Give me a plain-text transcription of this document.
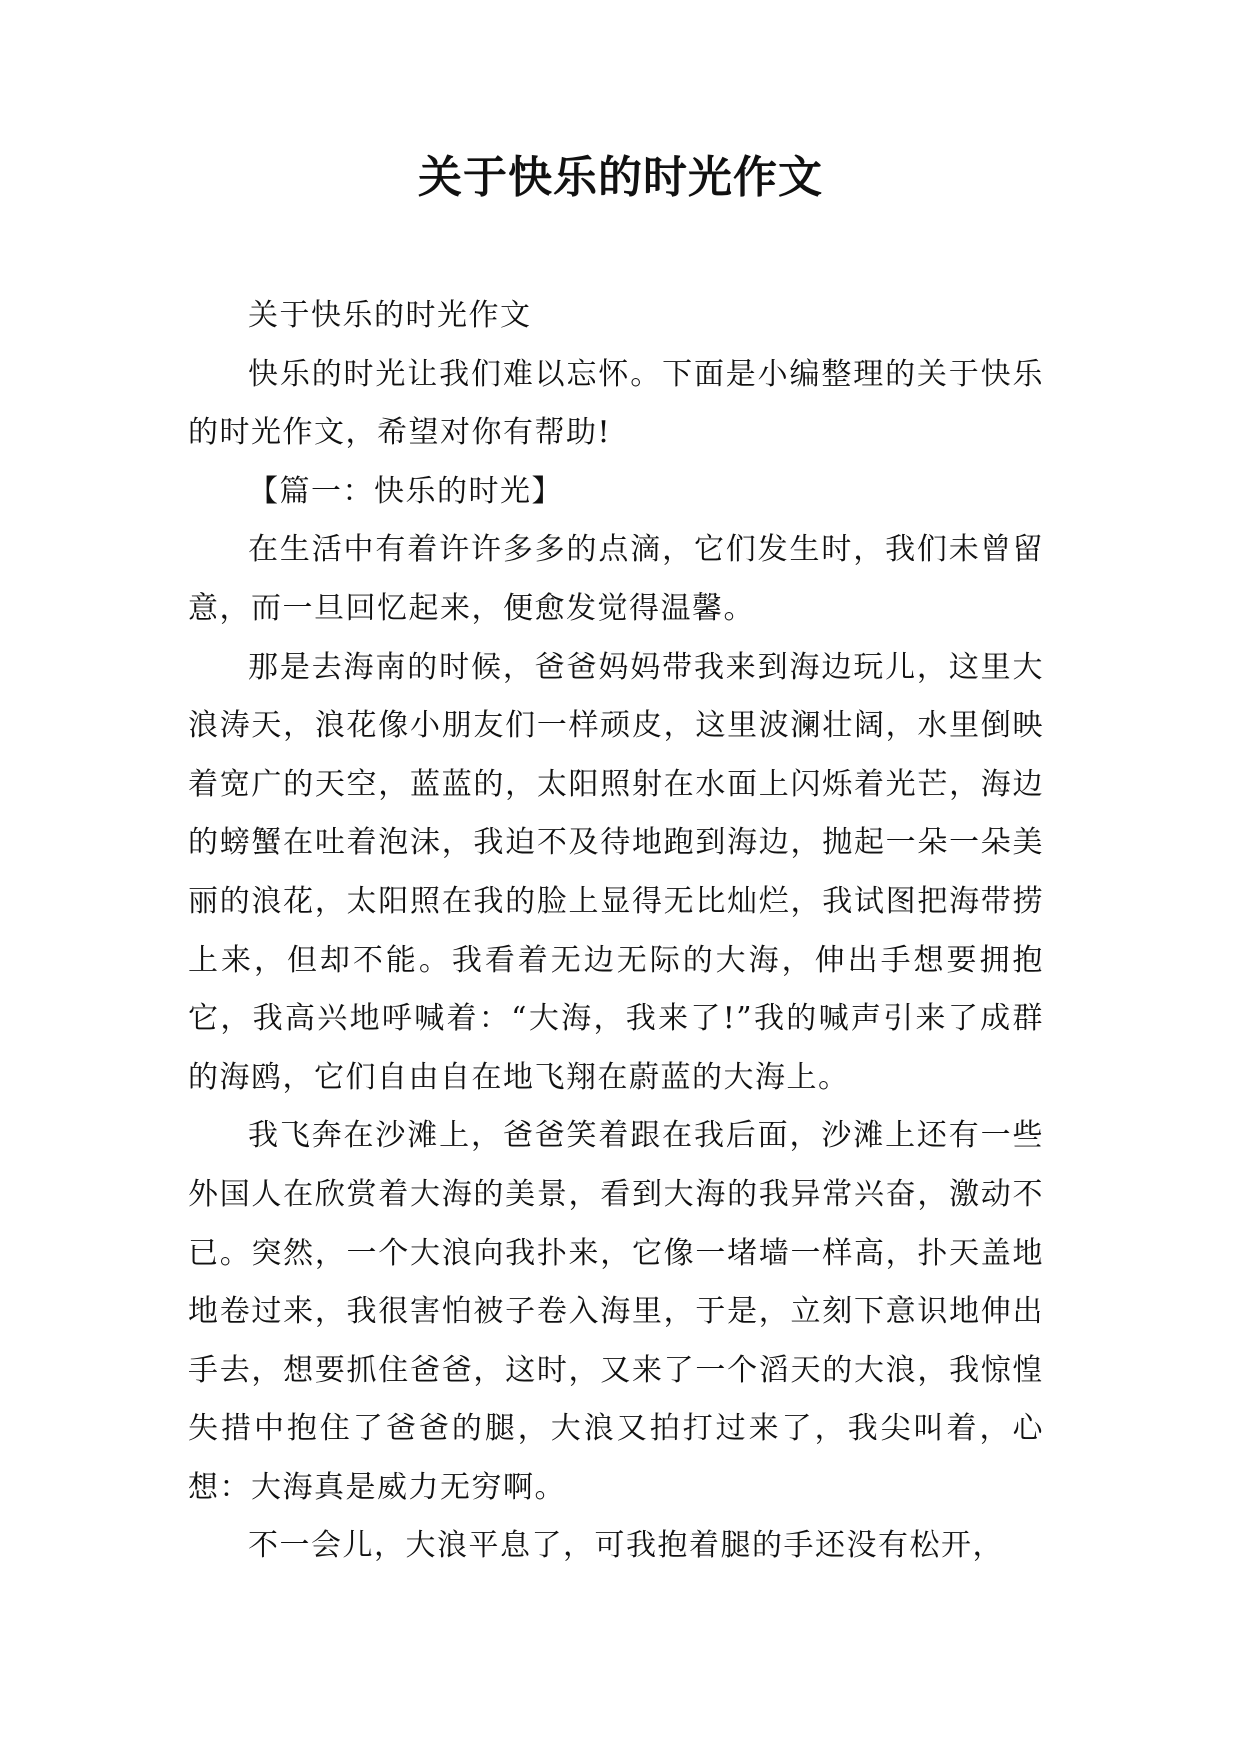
关于快乐的时光作文

关于快乐的时光作文

快乐的时光让我们难以忘怀。下面是小编整理的关于快乐的时光作文，希望对你有帮助!

【篇一：快乐的时光】

在生活中有着许许多多的点滴，它们发生时，我们未曾留意，而一旦回忆起来，便愈发觉得温馨。

那是去海南的时候，爸爸妈妈带我来到海边玩儿，这里大浪涛天，浪花像小朋友们一样顽皮，这里波澜壮阔，水里倒映着宽广的天空，蓝蓝的，太阳照射在水面上闪烁着光芒，海边的螃蟹在吐着泡沫，我迫不及待地跑到海边，抛起一朵一朵美丽的浪花，太阳照在我的脸上显得无比灿烂，我试图把海带捞上来，但却不能。我看着无边无际的大海，伸出手想要拥抱它，我高兴地呼喊着：“大海，我来了!”我的喊声引来了成群的海鸥，它们自由自在地飞翔在蔚蓝的大海上。

我飞奔在沙滩上，爸爸笑着跟在我后面，沙滩上还有一些外国人在欣赏着大海的美景，看到大海的我异常兴奋，激动不已。突然，一个大浪向我扑来，它像一堵墙一样高，扑天盖地地卷过来，我很害怕被子卷入海里，于是，立刻下意识地伸出手去，想要抓住爸爸，这时，又来了一个滔天的大浪，我惊惶失措中抱住了爸爸的腿，大浪又拍打过来了，我尖叫着，心想：大海真是威力无穷啊。

不一会儿，大浪平息了，可我抱着腿的手还没有松开，
